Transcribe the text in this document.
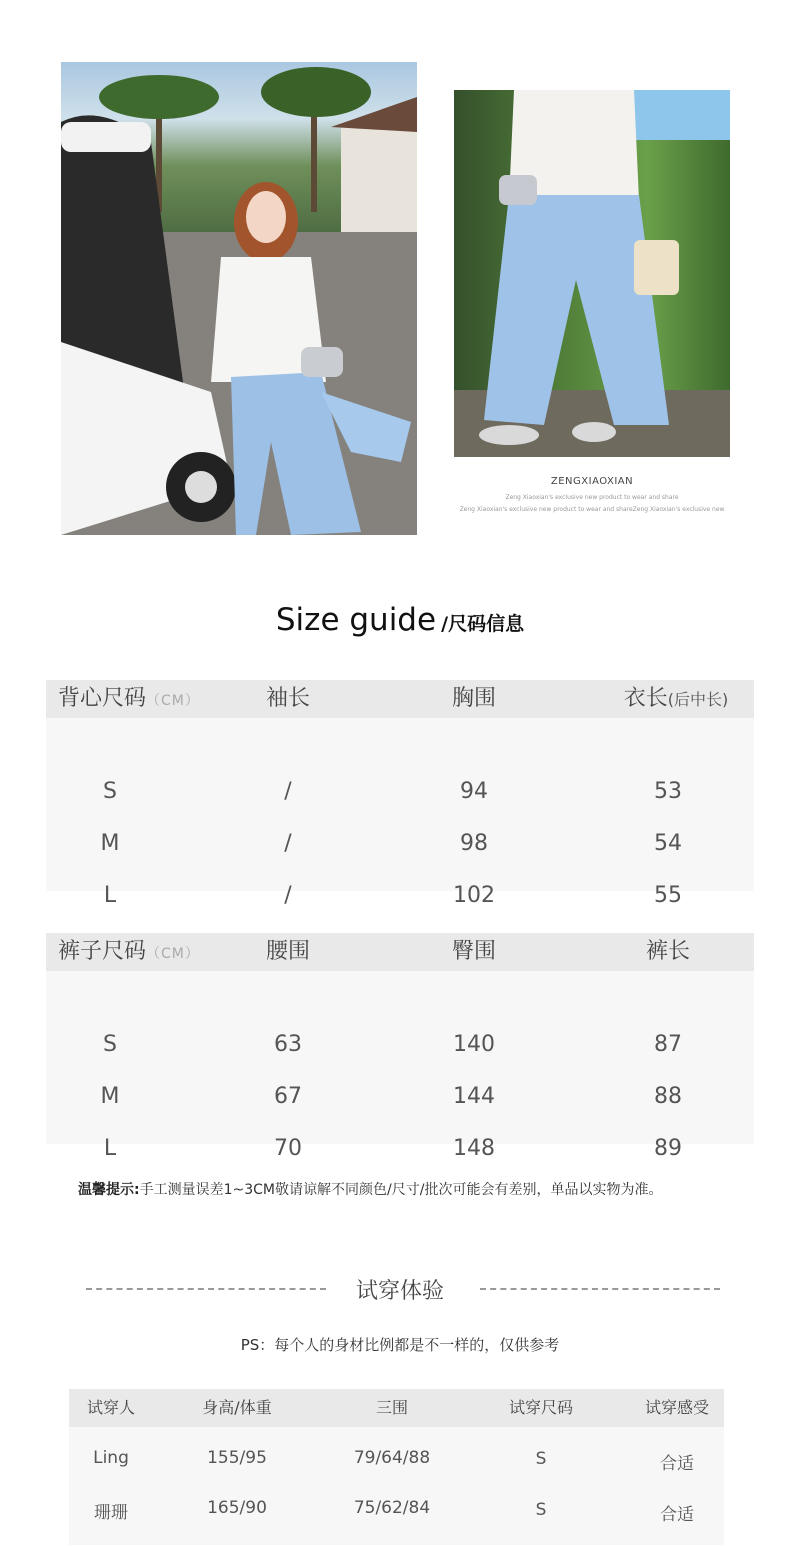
ZENGXIAOXIAN
Zeng Xiaoxian's exclusive new product to wear and share
Zeng Xiaoxian's exclusive new product to wear and shareZeng Xiaoxian's exclusive new
Size guide /尺码信息
背心尺码（CM）	袖长	胸围	衣长(后中长)
S	/	94	53
M	/	98	54
L	/	102	55
裤子尺码（CM）	腰围	臀围	裤长
S	63	140	87
M	67	144	88
L	70	148	89
温馨提示:手工测量误差1~3CM敬请谅解不同颜色/尺寸/批次可能会有差别，单品以实物为准。
试穿体验
PS：每个人的身材比例都是不一样的，仅供参考
试穿人	身高/体重	三围	试穿尺码	试穿感受
Ling	155/95	79/64/88	S	合适
珊珊	165/90	75/62/84	S	合适
